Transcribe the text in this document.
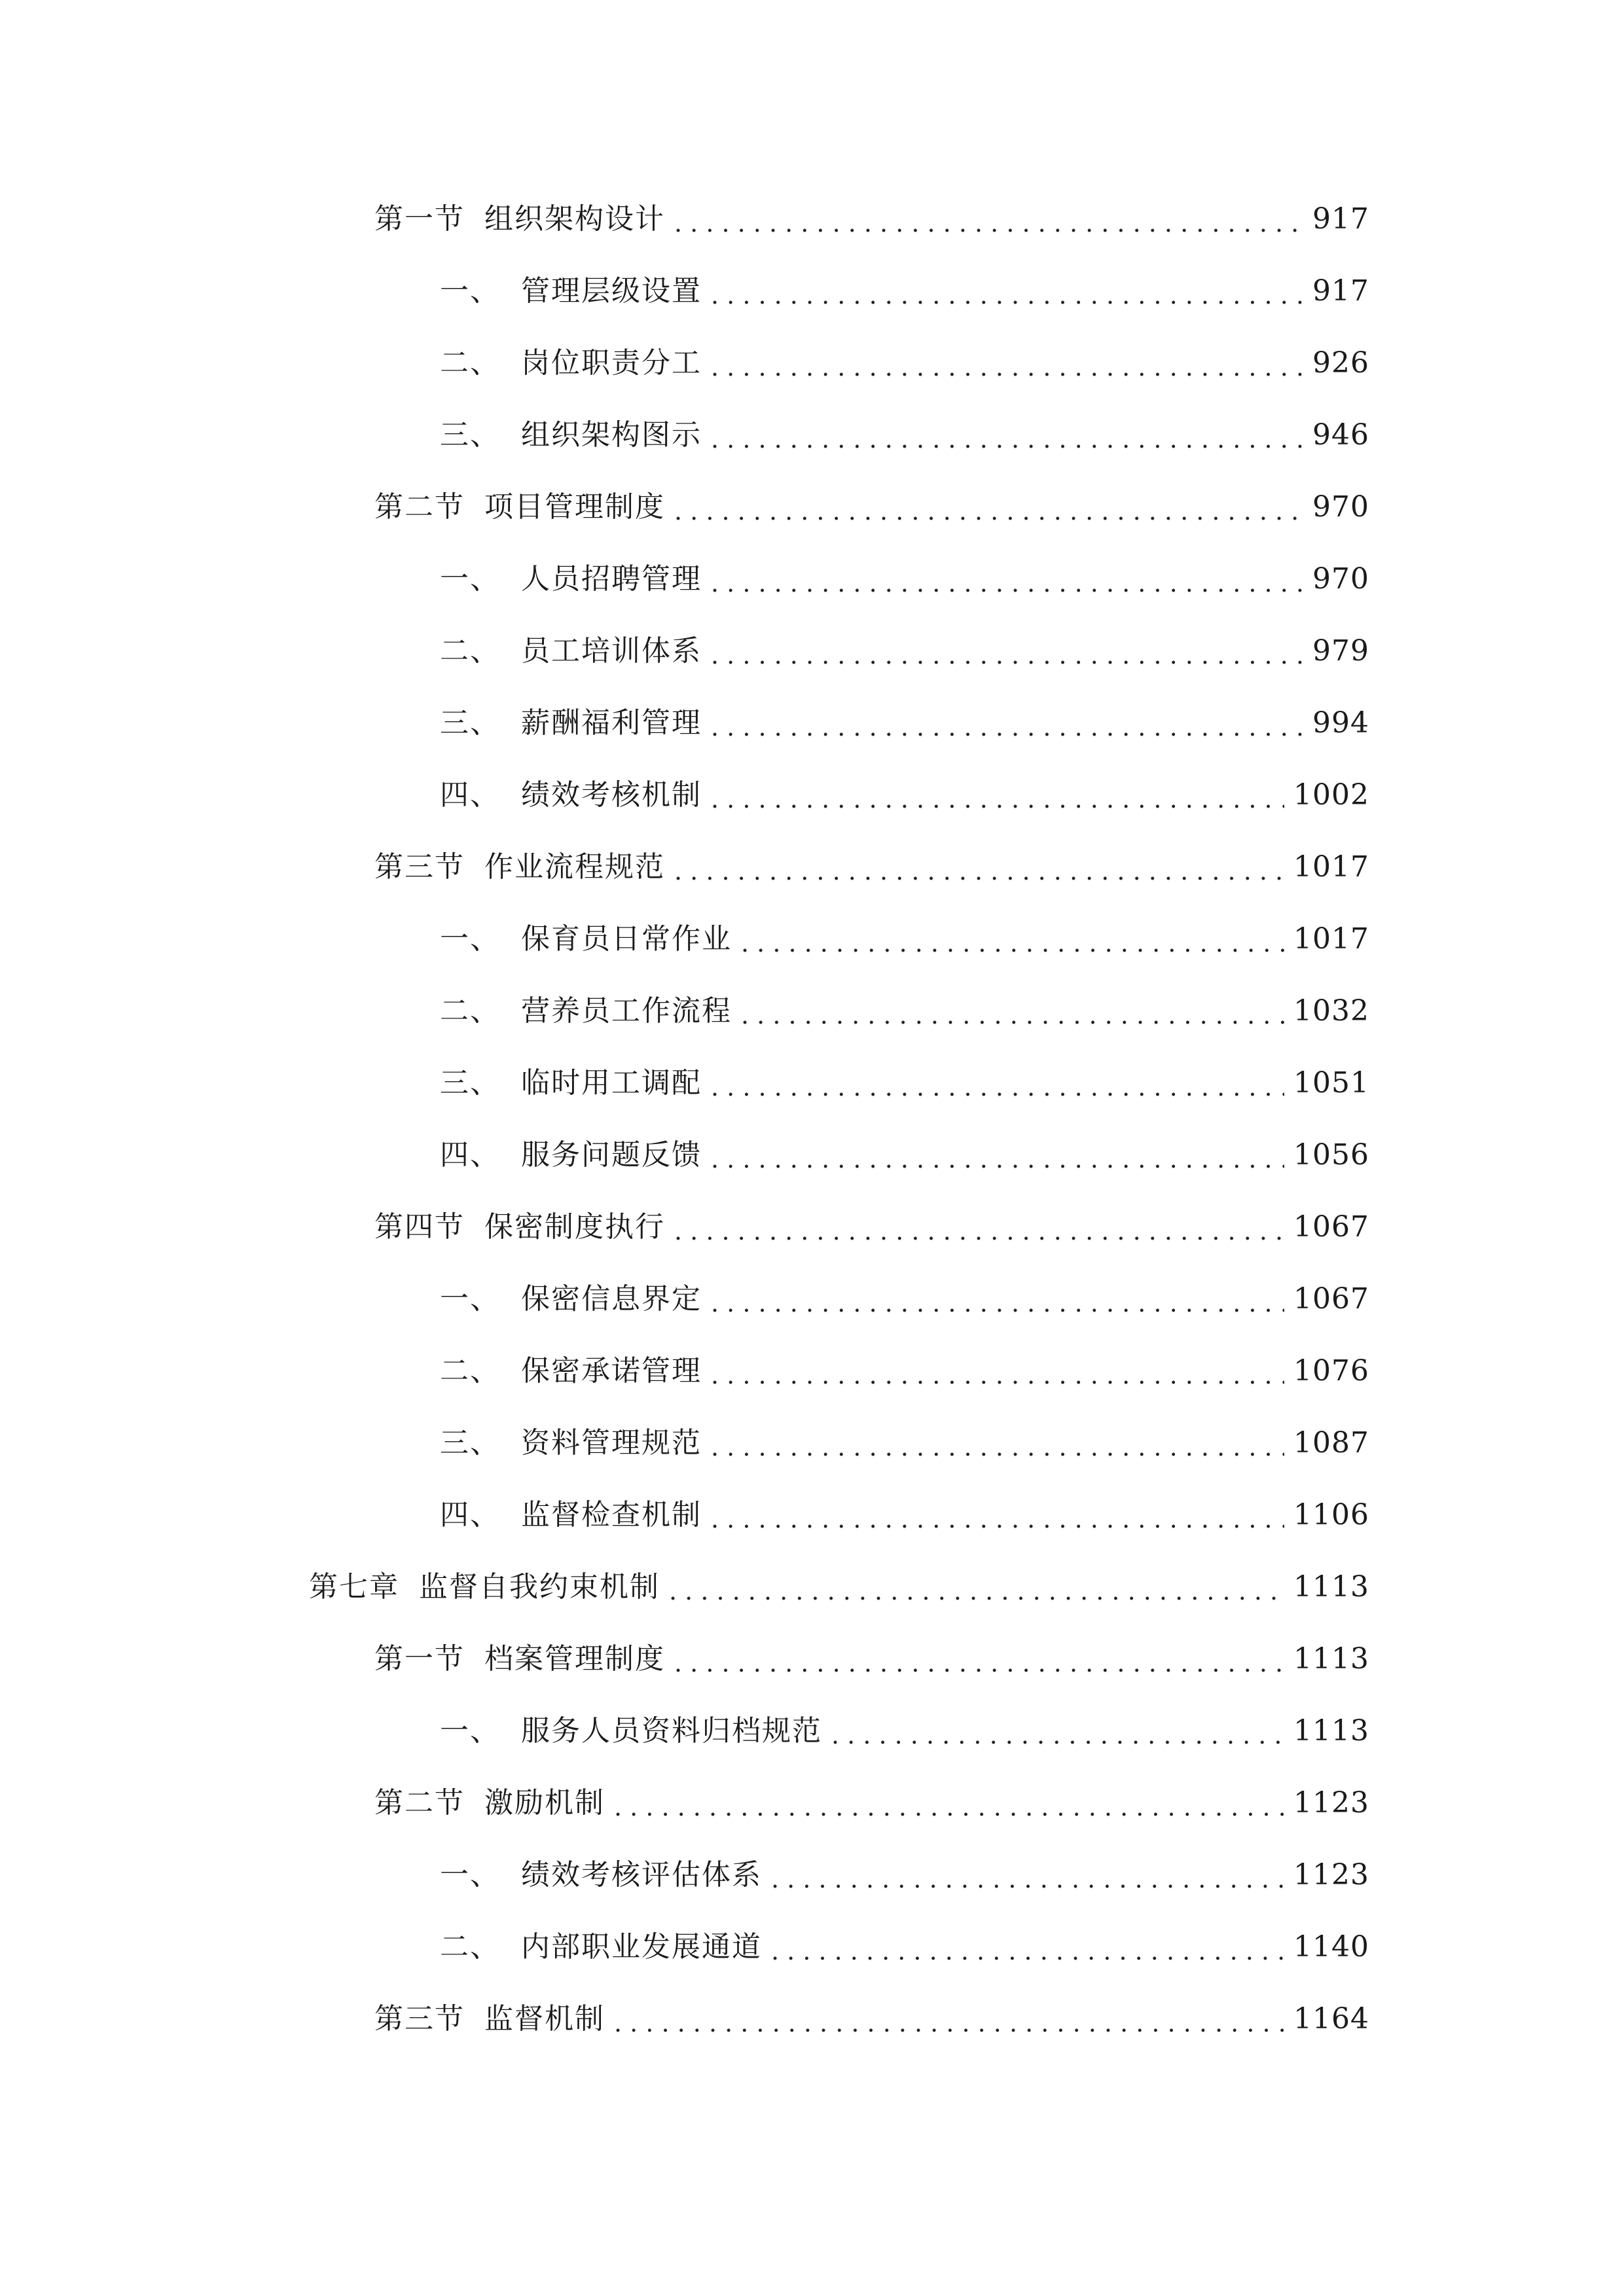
第一节 组织架构设计 . . .	917
一、 管理层级设置 . . .	917
二、 岗位职责分工 . . .	926
三、 组织架构图示 . . .	946
第二节 项目管理制度 . . .	970
一、 人员招聘管理 . . .	970
二、 员工培训体系 . . .	979
三、 薪酬福利管理 . . .	994
四、 绩效考核机制 . . .	1002
第三节 作业流程规范 . . .	1017
一、 保育员日常作业 . . .	1017
二、 营养员工作流程 . . .	1032
三、 临时用工调配 . . .	1051
四、 服务问题反馈 . . .	1056
第四节 保密制度执行 . . .	1067
一、 保密信息界定 . . .	1067
二、 保密承诺管理 . . .	1076
三、 资料管理规范 . . .	1087
四、 监督检查机制 . . .	1106
第七章 监督自我约束机制 . . .	1113
第一节 档案管理制度 . . .	1113
一、 服务人员资料归档规范 . . .	1113
第二节 激励机制 . . .	1123
一、 绩效考核评估体系 . . .	1123
二、 内部职业发展通道 . . .	1140
第三节 监督机制 . . .	1164
